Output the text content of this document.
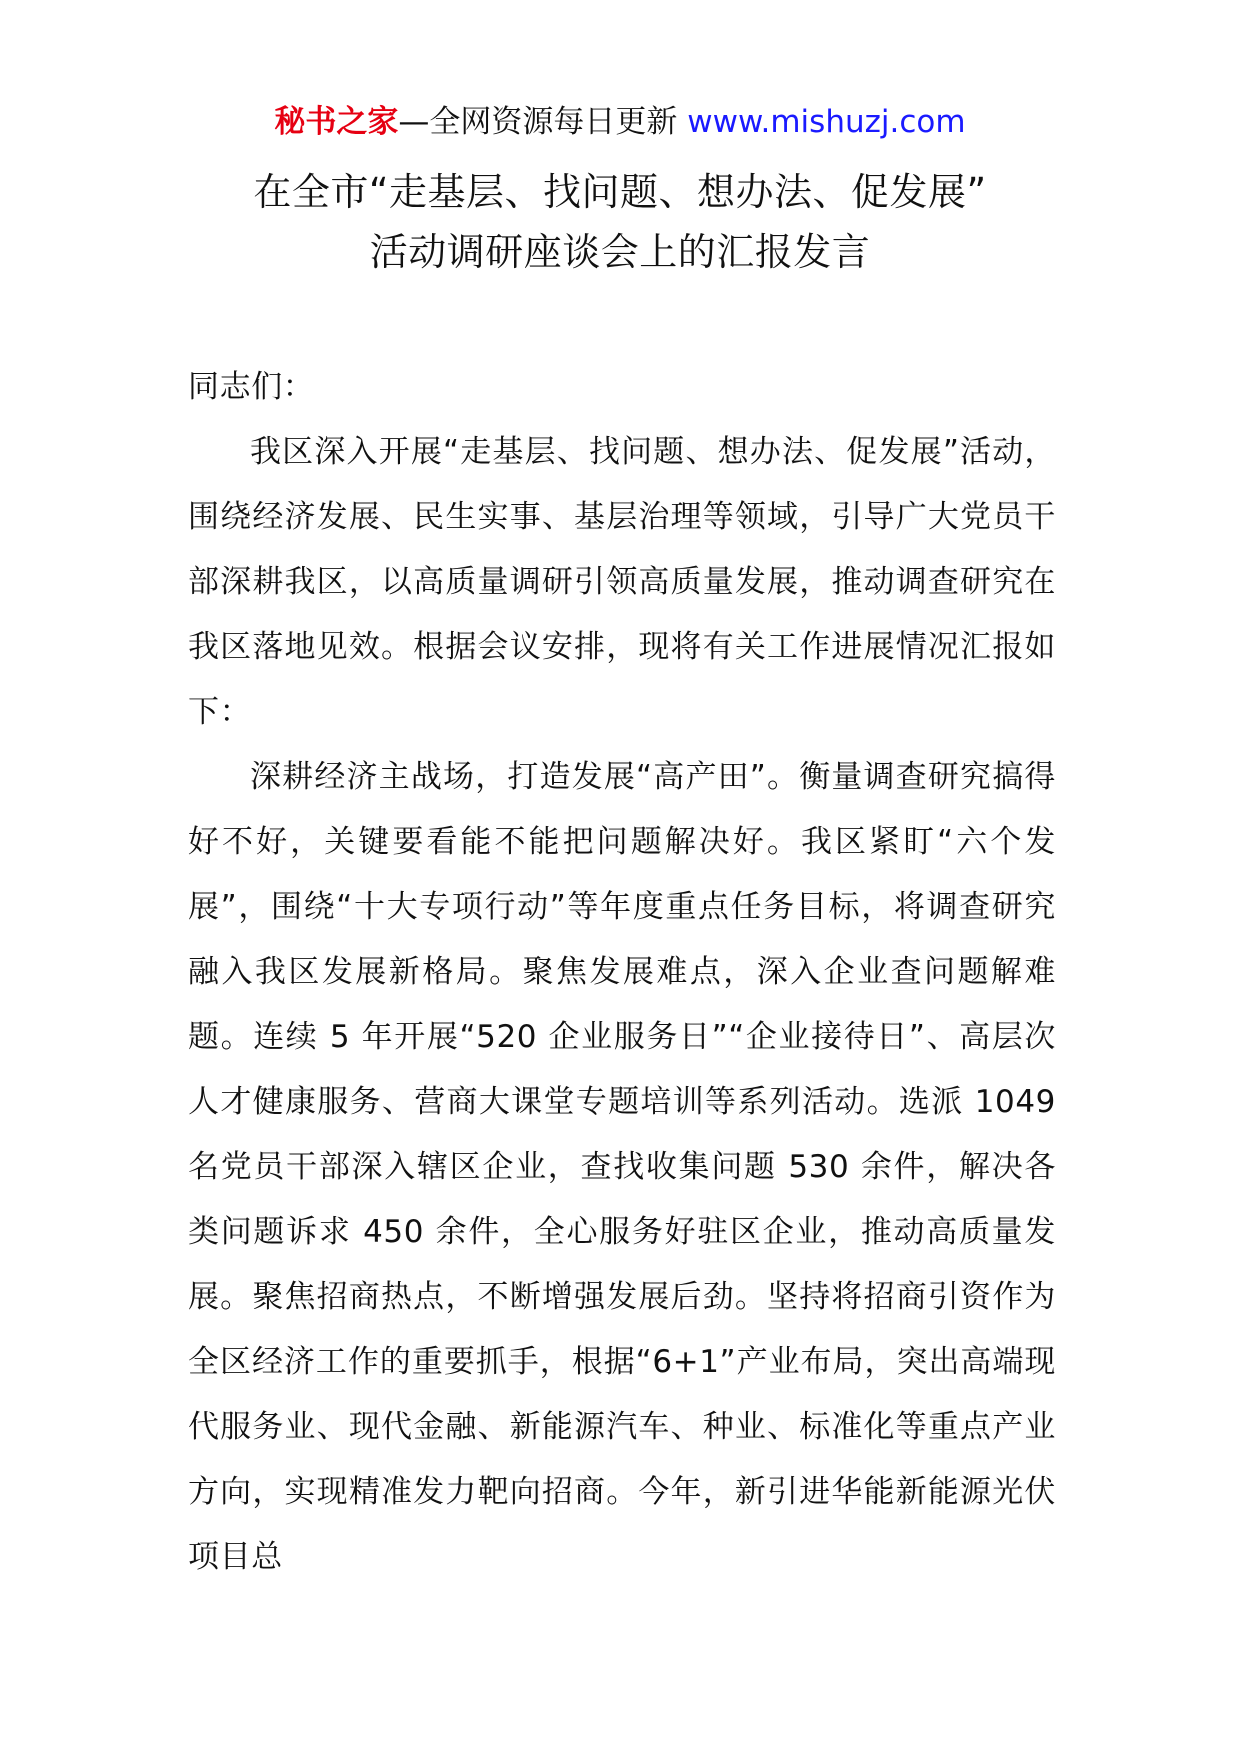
秘书之家—全网资源每日更新 www.mishuzj.com
在全市“走基层、找问题、想办法、促发展”
活动调研座谈会上的汇报发言

同志们：

我区深入开展“走基层、找问题、想办法、促发展”活动，围绕经济发展、民生实事、基层治理等领域，引导广大党员干部深耕我区，以高质量调研引领高质量发展，推动调查研究在我区落地见效。根据会议安排，现将有关工作进展情况汇报如下：

深耕经济主战场，打造发展“高产田”。衡量调查研究搞得好不好，关键要看能不能把问题解决好。我区紧盯“六个发展”，围绕“十大专项行动”等年度重点任务目标，将调查研究融入我区发展新格局。聚焦发展难点，深入企业查问题解难题。连续 5 年开展“520 企业服务日”“企业接待日”、高层次人才健康服务、营商大课堂专题培训等系列活动。选派 1049 名党员干部深入辖区企业，查找收集问题 530 余件，解决各类问题诉求 450 余件，全心服务好驻区企业，推动高质量发展。聚焦招商热点，不断增强发展后劲。坚持将招商引资作为全区经济工作的重要抓手，根据“6+1”产业布局，突出高端现代服务业、现代金融、新能源汽车、种业、标准化等重点产业方向，实现精准发力靶向招商。今年，新引进华能新能源光伏项目总
